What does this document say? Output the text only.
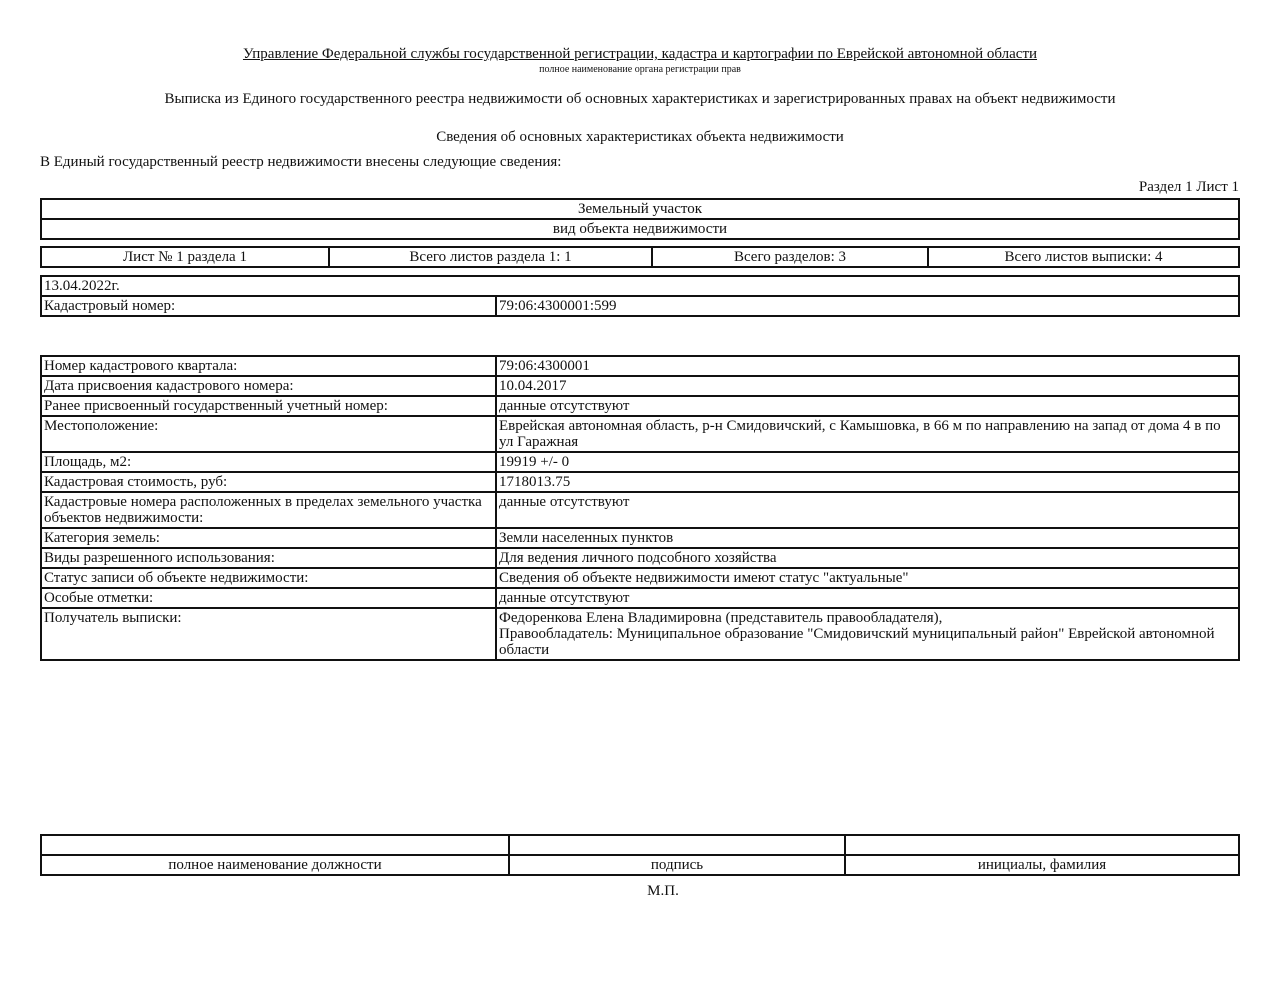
Управление Федеральной службы государственной регистрации, кадастра и картографии по Еврейской автономной области
полное наименование органа регистрации прав
Выписка из Единого государственного реестра недвижимости об основных характеристиках и зарегистрированных правах на объект недвижимости
Сведения об основных характеристиках объекта недвижимости
В Единый государственный реестр недвижимости внесены следующие сведения:
Раздел 1 Лист 1
Земельный участок
вид объекта недвижимости
Лист № 1 раздела 1	Всего листов раздела 1: 1	Всего разделов: 3	Всего листов выписки: 4
13.04.2022г.
Кадастровый номер:	79:06:4300001:599
Номер кадастрового квартала:	79:06:4300001
Дата присвоения кадастрового номера:	10.04.2017
Ранее присвоенный государственный учетный номер:	данные отсутствуют
Местоположение:	Еврейская автономная область, р-н Смидовичский, с Камышовка, в 66 м по направлению на запад от дома 4 в по ул Гаражная
Площадь, м2:	19919 +/- 0
Кадастровая стоимость, руб:	1718013.75
Кадастровые номера расположенных в пределах земельного участка объектов недвижимости:	данные отсутствуют
Категория земель:	Земли населенных пунктов
Виды разрешенного использования:	Для ведения личного подсобного хозяйства
Статус записи об объекте недвижимости:	Сведения об объекте недвижимости имеют статус "актуальные"
Особые отметки:	данные отсутствуют
Получатель выписки:	Федоренкова Елена Владимировна (представитель правообладателя),
Правообладатель: Муниципальное образование "Смидовичский муниципальный район" Еврейской автономной области

полное наименование должности	подпись	инициалы, фамилия
М.П.
